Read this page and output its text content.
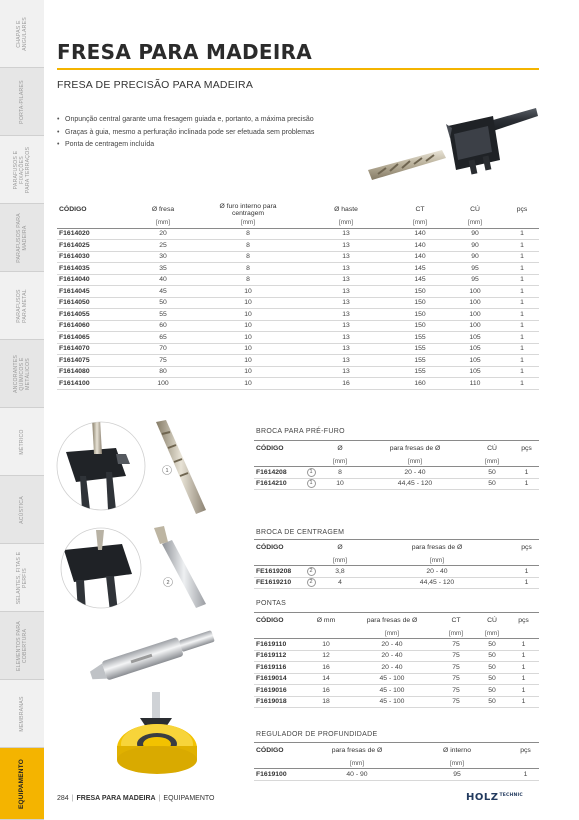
CHAPAS E
ANGULARES
PORTA-PILARES
PARAFUSOS E
FIXAÇÕES
PARA TERRAÇOS
PARAFUSOS PARA
MADEIRA
PARAFUSOS
PARA METAL
ANCORANTES
QUÍMICOS E
METÁLICOS
MÉTRICO
ACÚSTICA
SELANTES, FITAS E
PERFIS
ELEMENTOS PARA
COBERTURA
MEMBRANAS
EQUIPAMENTO
FRESA PARA MADEIRA
FRESA DE PRECISÃO PARA MADEIRA
• Onpunção central garante uma fresagem guiada e, portanto, a máxima precisão
• Graças à guia, mesmo a perfuração inclinada pode ser efetuada sem problemas
• Ponta de centragem incluída
CÓDIGO	Ø fresa	Ø furo interno para centragem	Ø haste	CT	CÚ	pçs
	[mm]	[mm]	[mm]	[mm]	[mm]	
F1614020	20	8	13	140	90	1
F1614025	25	8	13	140	90	1
F1614030	30	8	13	140	90	1
F1614035	35	8	13	145	95	1
F1614040	40	8	13	145	95	1
F1614045	45	10	13	150	100	1
F1614050	50	10	13	150	100	1
F1614055	55	10	13	150	100	1
F1614060	60	10	13	150	100	1
F1614065	65	10	13	155	105	1
F1614070	70	10	13	155	105	1
F1614075	75	10	13	155	105	1
F1614080	80	10	13	155	105	1
F1614100	100	10	16	160	110	1
1
2
BROCA PARA PRÉ-FURO
CÓDIGO		Ø	para fresas de Ø	CÚ	pçs
		[mm]	[mm]	[mm]	
F1614208	1	8	20 - 40	50	1
F1614210	1	10	44,45 - 120	50	1
BROCA DE CENTRAGEM
CÓDIGO		Ø	para fresas de Ø	pçs
		[mm]	[mm]	
FE1619208	2	3,8	20 - 40	1
FE1619210	2	4	44,45 - 120	1
PONTAS
CÓDIGO	Ø mm	para fresas de Ø	CT	CÚ	pçs
		[mm]	[mm]	[mm]	
F1619110	10	20 - 40	75	50	1
F1619112	12	20 - 40	75	50	1
F1619116	16	20 - 40	75	50	1
F1619014	14	45 - 100	75	50	1
F1619016	16	45 - 100	75	50	1
F1619018	18	45 - 100	75	50	1
REGULADOR DE PROFUNDIDADE
CÓDIGO	para fresas de Ø	Ø interno	pçs
	[mm]	[mm]	
F1619100	40 - 90	95	1
284 | FRESA PARA MADEIRA | EQUIPAMENTO	$HOLZ^{TECHNIC}$
